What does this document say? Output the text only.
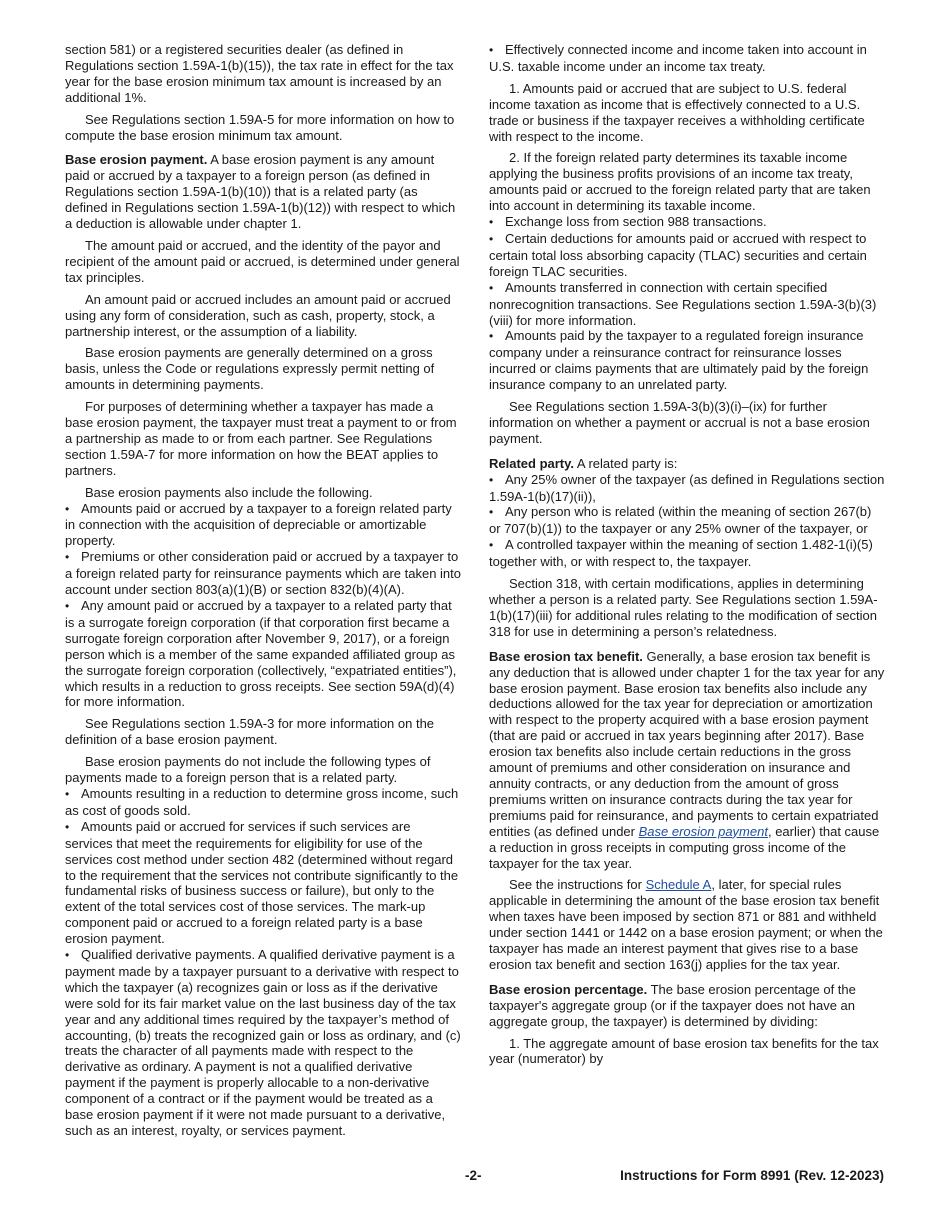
section 581) or a registered securities dealer (as defined in Regulations section 1.59A-1(b)(15)), the tax rate in effect for the tax year for the base erosion minimum tax amount is increased by an additional 1%.

See Regulations section 1.59A-5 for more information on how to compute the base erosion minimum tax amount.

Base erosion payment. A base erosion payment is any amount paid or accrued by a taxpayer to a foreign person (as defined in Regulations section 1.59A-1(b)(10)) that is a related party (as defined in Regulations section 1.59A-1(b)(12)) with respect to which a deduction is allowable under chapter 1.

The amount paid or accrued, and the identity of the payor and recipient of the amount paid or accrued, is determined under general tax principles.

An amount paid or accrued includes an amount paid or accrued using any form of consideration, such as cash, property, stock, a partnership interest, or the assumption of a liability.

Base erosion payments are generally determined on a gross basis, unless the Code or regulations expressly permit netting of amounts in determining payments.

For purposes of determining whether a taxpayer has made a base erosion payment, the taxpayer must treat a payment to or from a partnership as made to or from each partner. See Regulations section 1.59A-7 for more information on how the BEAT applies to partners.

Base erosion payments also include the following.

• Amounts paid or accrued by a taxpayer to a foreign related party in connection with the acquisition of depreciable or amortizable property.

• Premiums or other consideration paid or accrued by a taxpayer to a foreign related party for reinsurance payments which are taken into account under section 803(a)(1)(B) or section 832(b)(4)(A).

• Any amount paid or accrued by a taxpayer to a related party that is a surrogate foreign corporation (if that corporation first became a surrogate foreign corporation after November 9, 2017), or a foreign person which is a member of the same expanded affiliated group as the surrogate foreign corporation (collectively, “expatriated entities”), which results in a reduction to gross receipts. See section 59A(d)(4) for more information.

See Regulations section 1.59A-3 for more information on the definition of a base erosion payment.

Base erosion payments do not include the following types of payments made to a foreign person that is a related party.

• Amounts resulting in a reduction to determine gross income, such as cost of goods sold.

• Amounts paid or accrued for services if such services are services that meet the requirements for eligibility for use of the services cost method under section 482 (determined without regard to the requirement that the services not contribute significantly to the fundamental risks of business success or failure), but only to the extent of the total services cost of those services. The mark-up component paid or accrued to a foreign related party is a base erosion payment.

• Qualified derivative payments. A qualified derivative payment is a payment made by a taxpayer pursuant to a derivative with respect to which the taxpayer (a) recognizes gain or loss as if the derivative were sold for its fair market value on the last business day of the tax year and any additional times required by the taxpayer’s method of accounting, (b) treats the recognized gain or loss as ordinary, and (c) treats the character of all payments made with respect to the derivative as ordinary. A payment is not a qualified derivative payment if the payment is properly allocable to a non-derivative component of a contract or if the payment would be treated as a base erosion payment if it were not made pursuant to a derivative, such as an interest, royalty, or services payment.

• Effectively connected income and income taken into account in U.S. taxable income under an income tax treaty.

1. Amounts paid or accrued that are subject to U.S. federal income taxation as income that is effectively connected to a U.S. trade or business if the taxpayer receives a withholding certificate with respect to the income.

2. If the foreign related party determines its taxable income applying the business profits provisions of an income tax treaty, amounts paid or accrued to the foreign related party that are taken into account in determining its taxable income.

• Exchange loss from section 988 transactions.

• Certain deductions for amounts paid or accrued with respect to certain total loss absorbing capacity (TLAC) securities and certain foreign TLAC securities.

• Amounts transferred in connection with certain specified nonrecognition transactions. See Regulations section 1.59A-3(b)(3)(viii) for more information.

• Amounts paid by the taxpayer to a regulated foreign insurance company under a reinsurance contract for reinsurance losses incurred or claims payments that are ultimately paid by the foreign insurance company to an unrelated party.

See Regulations section 1.59A-3(b)(3)(i)–(ix) for further information on whether a payment or accrual is not a base erosion payment.

Related party. A related party is:

• Any 25% owner of the taxpayer (as defined in Regulations section 1.59A-1(b)(17)(ii)),

• Any person who is related (within the meaning of section 267(b) or 707(b)(1)) to the taxpayer or any 25% owner of the taxpayer, or

• A controlled taxpayer within the meaning of section 1.482-1(i)(5) together with, or with respect to, the taxpayer.

Section 318, with certain modifications, applies in determining whether a person is a related party. See Regulations section 1.59A-1(b)(17)(iii) for additional rules relating to the modification of section 318 for use in determining a person’s relatedness.

Base erosion tax benefit. Generally, a base erosion tax benefit is any deduction that is allowed under chapter 1 for the tax year for any base erosion payment. Base erosion tax benefits also include any deductions allowed for the tax year for depreciation or amortization with respect to the property acquired with a base erosion payment (that are paid or accrued in tax years beginning after 2017). Base erosion tax benefits also include certain reductions in the gross amount of premiums and other consideration on insurance and annuity contracts, or any deduction from the amount of gross premiums written on insurance contracts during the tax year for premiums paid for reinsurance, and payments to certain expatriated entities (as defined under Base erosion payment, earlier) that cause a reduction in gross receipts in computing gross income of the taxpayer for the tax year.

See the instructions for Schedule A, later, for special rules applicable in determining the amount of the base erosion tax benefit when taxes have been imposed by section 871 or 881 and withheld under section 1441 or 1442 on a base erosion payment; or when the taxpayer has made an interest payment that gives rise to a base erosion tax benefit and section 163(j) applies for the tax year.

Base erosion percentage. The base erosion percentage of the taxpayer's aggregate group (or if the taxpayer does not have an aggregate group, the taxpayer) is determined by dividing:

1. The aggregate amount of base erosion tax benefits for the tax year (numerator) by

-2-	Instructions for Form 8991 (Rev. 12-2023)
